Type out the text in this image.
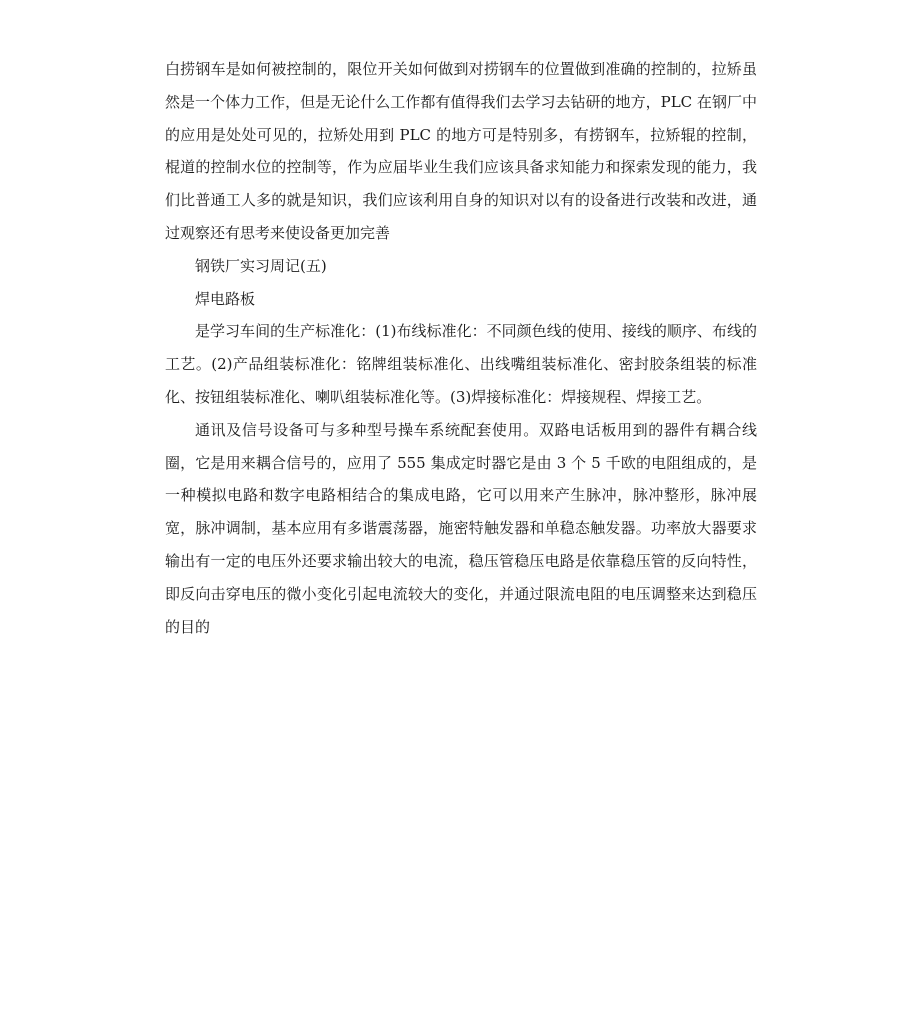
白捞钢车是如何被控制的，限位开关如何做到对捞钢车的位置做到准确的控制的，拉矫虽然是一个体力工作，但是无论什么工作都有值得我们去学习去钻研的地方，PLC 在钢厂中的应用是处处可见的，拉矫处用到 PLC 的地方可是特别多，有捞钢车，拉矫辊的控制，棍道的控制水位的控制等，作为应届毕业生我们应该具备求知能力和探索发现的能力，我们比普通工人多的就是知识，我们应该利用自身的知识对以有的设备进行改装和改进，通过观察还有思考来使设备更加完善

钢铁厂实习周记(五)

焊电路板

是学习车间的生产标准化：(1)布线标准化：不同颜色线的使用、接线的顺序、布线的工艺。(2)产品组装标准化：铭牌组装标准化、出线嘴组装标准化、密封胶条组装的标准化、按钮组装标准化、喇叭组装标准化等。(3)焊接标准化：焊接规程、焊接工艺。

通讯及信号设备可与多种型号操车系统配套使用。双路电话板用到的器件有耦合线圈，它是用来耦合信号的，应用了 555 集成定时器它是由 3 个 5 千欧的电阻组成的，是一种模拟电路和数字电路相结合的集成电路，它可以用来产生脉冲，脉冲整形，脉冲展宽，脉冲调制，基本应用有多谐震荡器，施密特触发器和单稳态触发器。功率放大器要求输出有一定的电压外还要求输出较大的电流，稳压管稳压电路是依靠稳压管的反向特性，即反向击穿电压的微小变化引起电流较大的变化，并通过限流电阻的电压调整来达到稳压的目的
